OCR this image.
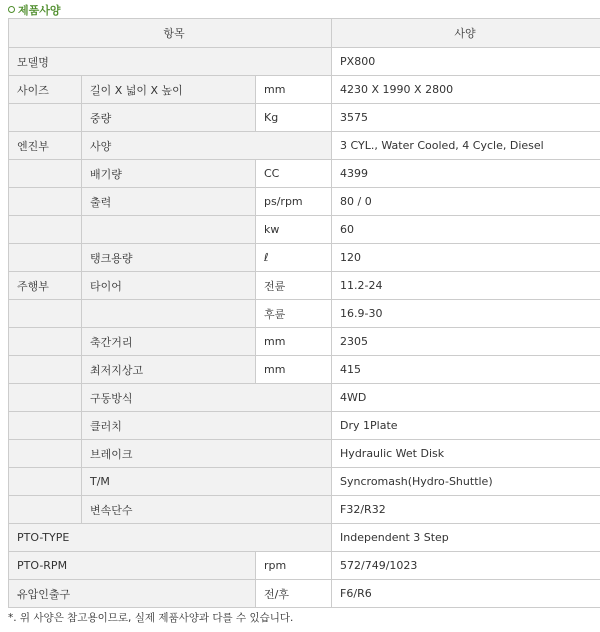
제품사양
항목			사양
모델명			PX800
사이즈	길이 X 넓이 X 높이	mm	4230 X 1990 X 2800
	중량	Kg	3575
엔진부	사양		3 CYL., Water Cooled, 4 Cycle, Diesel
	배기량	CC	4399
	출력	ps/rpm	80 / 0
		kw	60
	탱크용량	ℓ	120
주행부	타이어	전륜	11.2-24
		후륜	16.9-30
	축간거리	mm	2305
	최저지상고	mm	415
	구동방식		4WD
	클러치		Dry 1Plate
	브레이크		Hydraulic Wet Disk
	T/M		Syncromash(Hydro-Shuttle)
	변속단수		F32/R32
PTO-TYPE			Independent 3 Step
PTO-RPM		rpm	572/749/1023
유압인출구		전/후	F6/R6
*. 위 사양은 참고용이므로, 실제 제품사양과 다를 수 있습니다.
